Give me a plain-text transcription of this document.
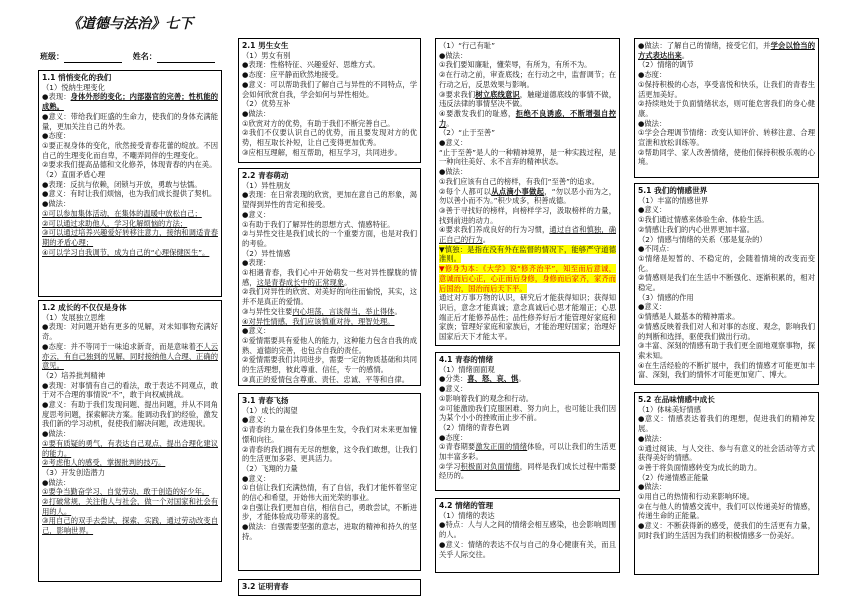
《道德与法治》七下
班级：	姓名：
1.1 悄悄变化的我们
（1）悦纳生理变化
●表现：身体外形的变化；内部器官的完善；性机能的成熟。
●意义：带给我们旺盛的生命力，使我们的身体充满能量，更加关注自己的外表。
●态度：
①要正视身体的变化，欣然接受青春花蕾的绽放。不因自己的生理变化而自卑，不嘲弄同伴的生理变化。
②要求我们提高品德和文化修养，体现青春的内在美。
（2）直面矛盾心理
●表现：反抗与依赖，闭锁与开放，勇敢与怯懦。
●意义：有时让我们烦恼，也为我们成长提供了契机。
●做法：
①可以参加集体活动，在集体的温暖中放松自己；
②可以通过求助他人，学习化解烦恼的方法；
③可以通过培养兴趣爱好转移注意力，接纳和调适青春期的矛盾心理；
④可以学习自我调节，成为自己的“心理保健医生”。
1.2 成长的不仅仅是身体
（1）发展独立思维
●表现：对问题开始有更多的见解，对未知事物充满好奇。
●态度：并不等同于一味追求新奇，而是意味着不人云亦云，有自己独到的见解，同时接纳他人合理、正确的意见。
（2）培养批判精神
●表现：对事情有自己的看法，敢于表达不同观点，敢于对不合理的事情说“不”，敢于向权威挑战。
●意义：有助于我们发现问题、提出问题，并从不同角度思考问题，探索解决方案。能调动我们的经验，激发我们新的学习动机，促使我们解决问题，改进现状。
●做法：
①要有质疑的勇气，有表达自己观点、提出合理化建议的能力。
②考虑他人的感受，掌握批判的技巧。
（3）开发创造潜力
●做法：
①要争当勤奋学习、自觉劳动、敢于创造的好少年。
②打破常规，关注他人与社会，做一个对国家和社会有用的人。
③用自己的双手去尝试、探索、实践，通过劳动改变自己，影响世界。
2.1 男生女生
（1）男女有别
●表现：性格特征、兴趣爱好、思维方式。
●态度：应平静而欣然地接受。
●意义：可以帮助我们了解自己与异性的不同特点，学会如何欣赏自我，学会如何与异性相处。
（2）优势互补
●做法：
①欣赏对方的优势，有助于我们不断完善自己。
②我们不仅要认识自己的优势，而且要发现对方的优势，相互取长补短，让自己变得更加优秀。
③应相互理解，相互帮助，相互学习，共同进步。
2.2 青春萌动
（1）异性朋友
●表现：在日常表现的欣赏，更加在意自己的形象，渴望得到异性的肯定和接受。
●意义：
①有助于我们了解异性的思想方式、情感特征。
②与异性交往是我们成长的一个重要方面，也是对我们的考验。
（2）异性情感
●表现：
①相遇青春，我们心中开始萌发一些对异性朦胧的情感，这是青春成长中的正常现象。
②我们对异性的欣赏、对美好的向往而愉悦，其实，这并不是真正的爱情。
③与异性交往要内心坦荡，言谈得当，举止得体。
④对异性情感，我们应该慎重对待，理智处理。
●意义：
①爱情需要具有爱他人的能力，这种能力包含自我的成熟、道德的完善，也包含自我的责任。
②爱情需要我们共同进步，需要一定的物质基础和共同的生活理想，彼此尊重、信任，专一的感情。
③真正的爱情包含尊重、责任、忠诚、平等和自律。
3.1 青春飞扬
（1）成长的渴望
●意义：
①青春的力量在我们身体里生发，令我们对未来更加憧憬和向往。
②青春的我们拥有无尽的想象，这令我们敢想，让我们的生活更加多彩、更具活力。
（2）飞翔的力量
●意义：
①自信让我们充满热情，有了自信，我们才能怀着坚定的信心和希望，开始伟大而光荣的事业。
②自强让我们更加自信，相信自己，勇敢尝试，不断进步，才能体验成功带来的喜悦。
●做法：自强需要坚强的意志，进取的精神和持久的坚持。
3.2 证明青春
（1）“行己有耻”
●做法：
①我们要知廉耻，懂荣辱，有所为，有所不为。
②在行动之前，审查底线；在行动之中，监督调节；在行动之后，反思效果与影响。
③要求我们树立底线意识，触碰道德底线的事情不做，违反法律的事情坚决不做。
④要激发我们的耻感，拒绝不良诱惑，不断增强自控力。
（2）“止于至善”
●意义：
“止于至善”是人的一种精神境界，是一种实践过程，是一种向往美好、永不言弃的精神状态。
●做法：
①我们应该有自己的榜样，有我们“至善”的追求。
②每个人都可以从点滴小事做起，“勿以恶小而为之，勿以善小而不为。”积少成多，积善成德。
③善于寻找好的榜样，向榜样学习，汲取榜样的力量，找到前进的动力。
④要求我们养成良好的行为习惯，通过自省和慎独，确正自己的行为。
▼慎独：是指在没有外在监督的情况下，能够严守道德准则。
▼修身为本：《大学》说“修齐治平”，知至而后意诚，意诚而后心正，心正而后身修，身修而后家齐，家齐而后国治，国治而后天下平。
通过对万事万物的认识，研究后才能获得知识；获得知识后，意念才能真诚；意念真诚后心思才能端正；心思端正后才能修养品性；品性修养好后才能管理好家庭和家族；管理好家庭和家族后，才能治理好国家；治理好国家后天下才能太平。
4.1 青春的情绪
（1）情绪面面观
●分类：喜、怒、哀、惧。
●意义：
①影响着我们的观念和行动。
②可能激励我们克服困难、努力向上，也可能让我们因为某个小小的挫败而止步不前。
（2）情绪的青春色调
●态度：
①青春期要激发正面的情绪体验，可以让我们的生活更加丰富多彩。
②学习积极面对负面情绪，同样是我们成长过程中需要经历的。
4.2 情绪的管理
（1）情绪的表达
●特点：人与人之间的情绪会相互感染，也会影响周围的人。
●意义：情绪的表达不仅与自己的身心健康有关，而且关乎人际交往。
●做法：了解自己的情绪，接受它们，并学会以恰当的方式表达出来。
（2）情绪的调节
●态度：
①保持积极的心态，享受喜悦和快乐，让我们的青春生活更加美好。
②持续地处于负面情绪状态，则可能危害我们的身心健康。
●做法：
①学会合理调节情绪：改变认知评价、转移注意、合理宣泄和放松训练等。
②帮助同学、家人改善情绪，使他们保持积极乐观的心境。
5.1 我们的情感世界
（1）丰富的情感世界
●意义：
①我们通过情感来体验生命、体验生活。
②情感让我们的内心世界更加丰富。
（2）情感与情绪的关系（那是复杂的）
●不同点：
①情绪是短暂的、不稳定的，会随着情境的改变而变化。
②情感则是我们在生活中不断强化、逐渐积累的，相对稳定。
（3）情感的作用
●意义：
①情感是人最基本的精神需求。
②情感反映着我们对人和对事的态度、观念，影响我们的判断和选择，驱使我们做出行动。
③丰富、深刻的情感有助于我们更全面地观察事物，探索未知。
④在生活经验的不断扩展中，我们的情感才可能更加丰富、深刻，我们的情怀才可能更加宽广、博大。
5.2 在品味情感中成长
（1）体味美好情感
●意义：情感表达着我们的理想，促进我们的精神发展。
●做法：
①通过阅读、与人交往、参与有意义的社会活动等方式获得美好的情感。
②善于将负面情感转变为成长的助力。
（2）传递情感正能量
●做法：
①用自己的热情和行动来影响环境。
②在与他人的情感交流中，我们可以传递美好的情感，传递生命的正能量。
●意义：不断获得新的感受，使我们的生活更有力量，同时我们的生活因为我们的积极情感多一份美好。
